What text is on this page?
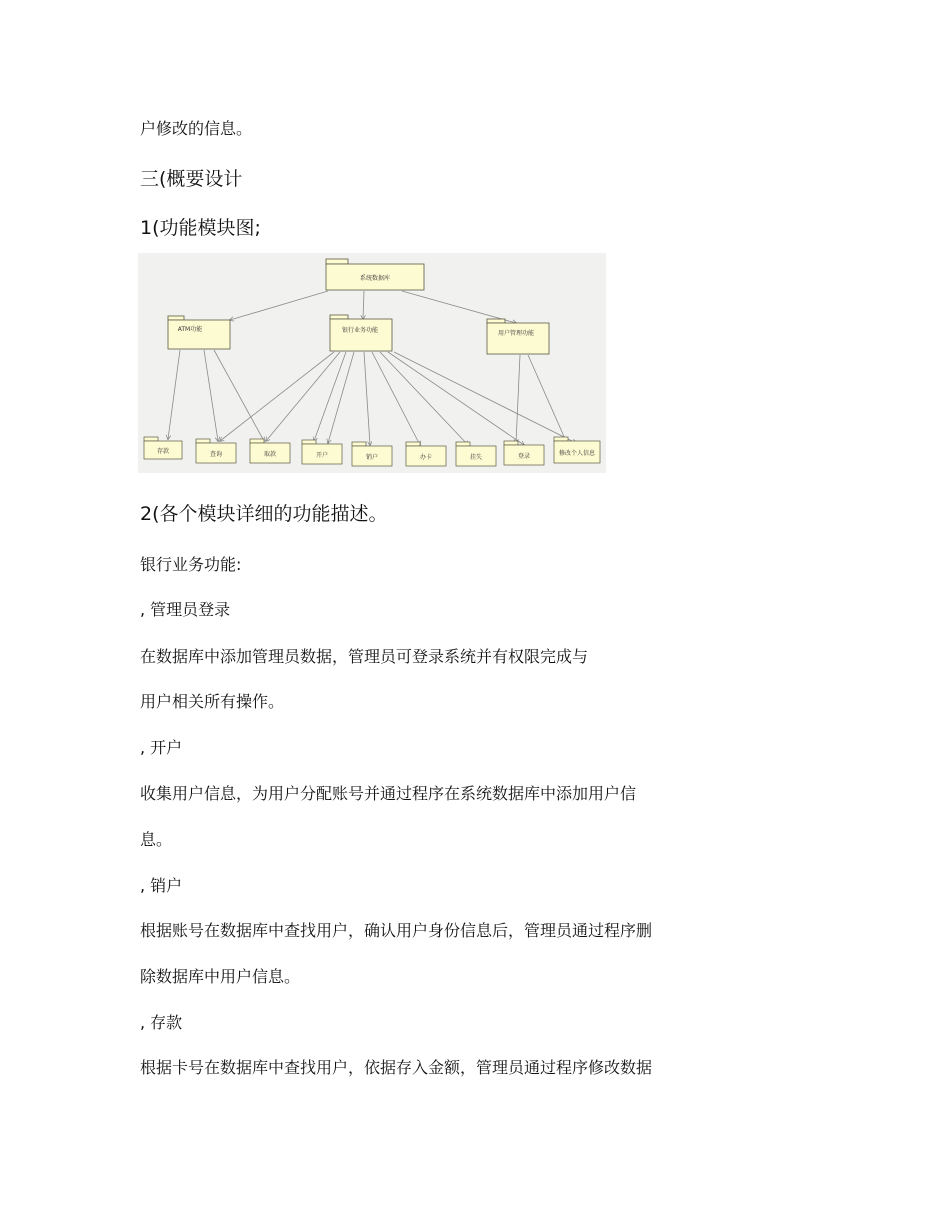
户修改的信息。

三(概要设计

1(功能模块图;

系统数据库
ATM功能	银行业务功能	用户管理功能
存款	查询	取款	开户	销户	办卡	挂失	登录	修改个人信息

2(各个模块详细的功能描述。

银行业务功能:

, 管理员登录

在数据库中添加管理员数据，管理员可登录系统并有权限完成与

用户相关所有操作。

, 开户

收集用户信息，为用户分配账号并通过程序在系统数据库中添加用户信

息。

, 销户

根据账号在数据库中查找用户，确认用户身份信息后，管理员通过程序删

除数据库中用户信息。

, 存款

根据卡号在数据库中查找用户，依据存入金额，管理员通过程序修改数据
